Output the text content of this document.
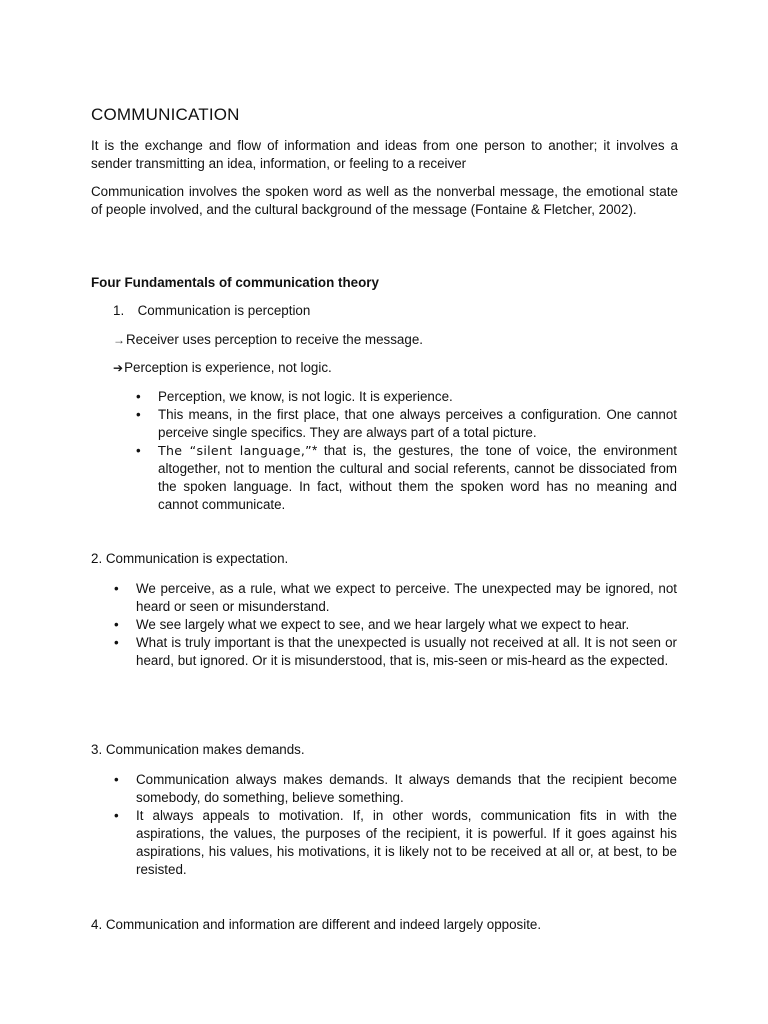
COMMUNICATION
It is the exchange and flow of information and ideas from one person to another; it involves a sender transmitting an idea, information, or feeling to a receiver
Communication involves the spoken word as well as the nonverbal message, the emotional state of people involved, and the cultural background of the message (Fontaine & Fletcher, 2002).
Four Fundamentals of communication theory
1. Communication is perception
→Receiver uses perception to receive the message.
➔Perception is experience, not logic.
• Perception, we know, is not logic. It is experience.
• This means, in the first place, that one always perceives a configuration. One cannot perceive single specifics. They are always part of a total picture.
• The “silent language,”* that is, the gestures, the tone of voice, the environment altogether, not to mention the cultural and social referents, cannot be dissociated from the spoken language. In fact, without them the spoken word has no meaning and cannot communicate.
2. Communication is expectation.
• We perceive, as a rule, what we expect to perceive. The unexpected may be ignored, not heard or seen or misunderstand.
• We see largely what we expect to see, and we hear largely what we expect to hear.
• What is truly important is that the unexpected is usually not received at all. It is not seen or heard, but ignored. Or it is misunderstood, that is, mis-seen or mis-heard as the expected.
3. Communication makes demands.
• Communication always makes demands. It always demands that the recipient become somebody, do something, believe something.
• It always appeals to motivation. If, in other words, communication fits in with the aspirations, the values, the purposes of the recipient, it is powerful. If it goes against his aspirations, his values, his motivations, it is likely not to be received at all or, at best, to be resisted.
4. Communication and information are different and indeed largely opposite.
